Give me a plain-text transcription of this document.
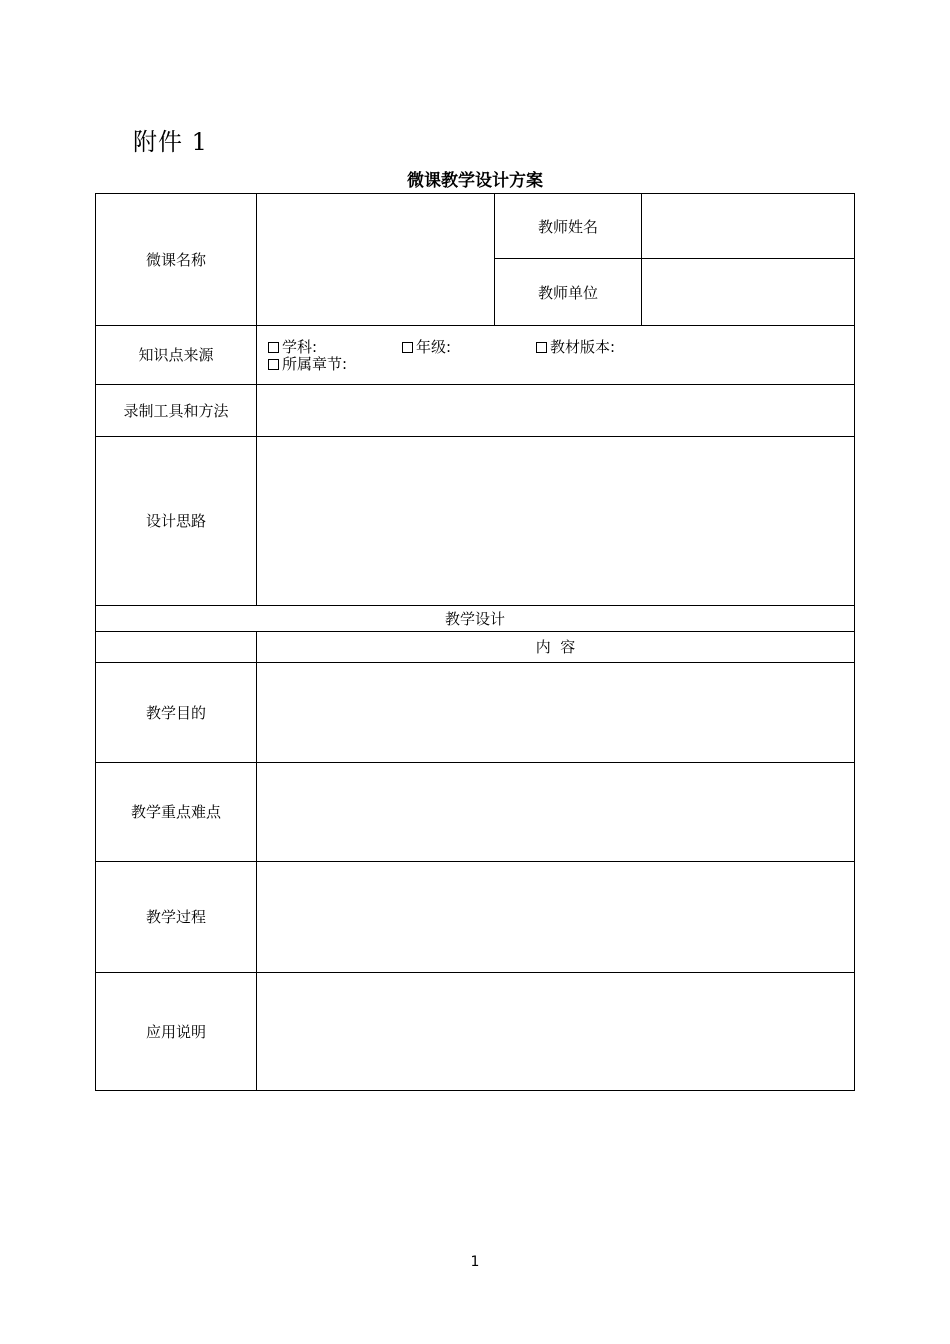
附件 1
微课教学设计方案
微课名称
教师姓名
教师单位
知识点来源
录制工具和方法
设计思路
教学设计
内  容
教学目的
教学重点难点
教学过程
应用说明
学科:	年级:	教材版本:
所属章节:
1
